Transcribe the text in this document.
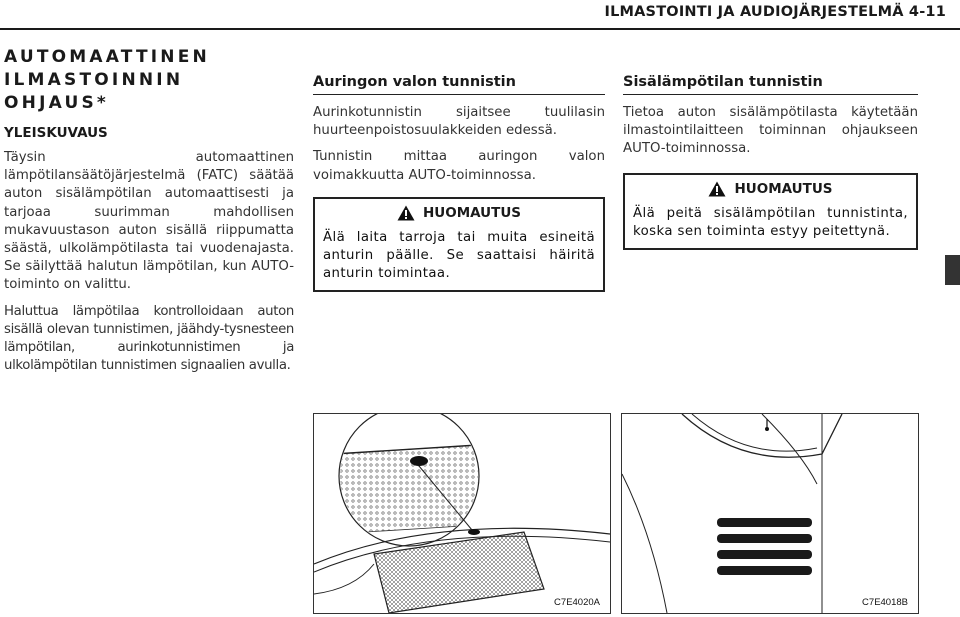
ILMASTOINTI JA AUDIOJÄRJESTELMÄ 4-11
AUTOMAATTINEN
ILMASTOINNIN OHJAUS*
YLEISKUVAUS

Täysin automaattinen lämpötilansäätöjärjestelmä (FATC) säätää auton sisälämpötilan automaattisesti ja tarjoaa suurimman mahdollisen mukavuustason auton sisällä riippumatta säästä, ulkolämpötilasta tai vuodenajasta. Se säilyttää halutun lämpötilan, kun AUTO-toiminto on valittu.

Haluttua lämpötilaa kontrolloidaan auton sisällä olevan tunnistimen, jäähdy-tysnesteen lämpötilan, aurinkotunnistimen ja ulkolämpötilan tunnistimen signaalien avulla.

Auringon valon tunnistin

Aurinkotunnistin sijaitsee tuulilasin huurteenpoistosuulakkeiden edessä.

Tunnistin mittaa auringon valon voimakkuutta AUTO-toiminnossa.

HUOMAUTUS
Älä laita tarroja tai muita esineitä anturin päälle. Se saattaisi häiritä anturin toimintaa.
Sisälämpötilan tunnistin

Tietoa auton sisälämpötilasta käytetään ilmastointilaitteen toiminnan ohjaukseen AUTO-toiminnossa.

HUOMAUTUS
Älä peitä sisälämpötilan tunnistinta, koska sen toiminta estyy peitettynä.
C7E4020A	C7E4018B
